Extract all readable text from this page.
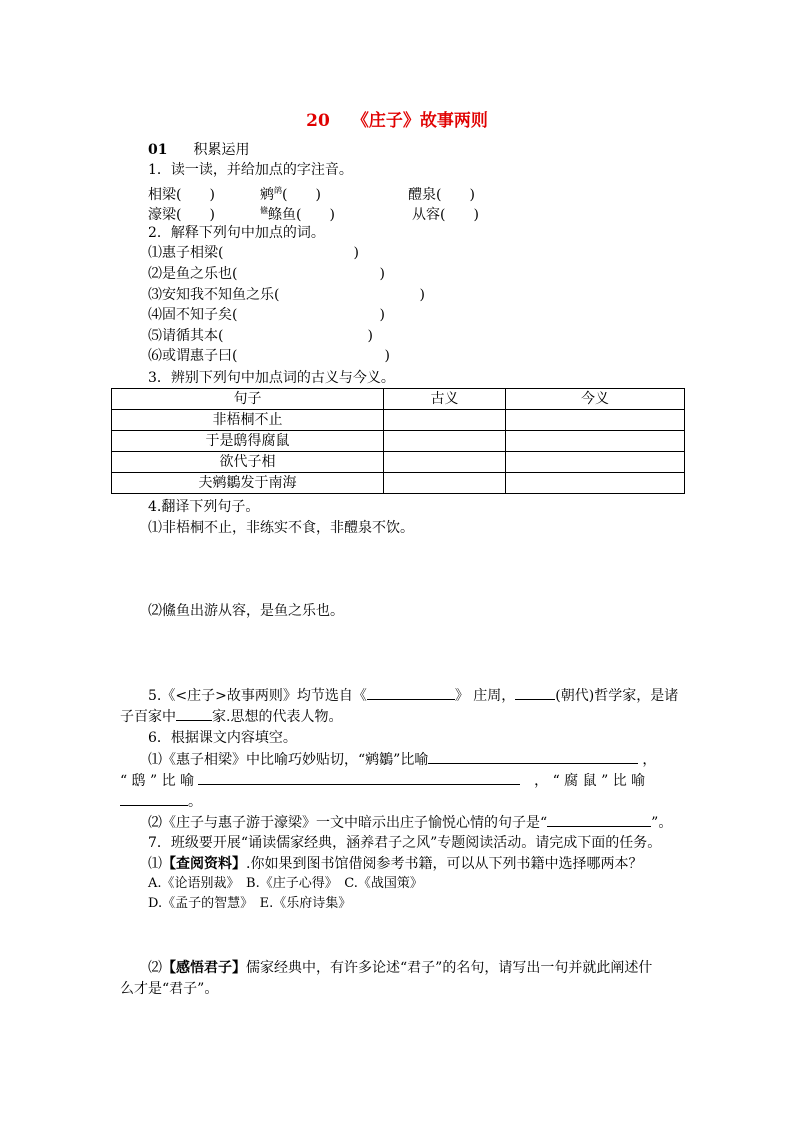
20 《庄子》故事两则
01 积累运用
1．读一读，并给加点的字注音。
相梁(　　)	鹓鹐(　　)	醴泉(　　)
濠梁(　　)	鯈鲦鱼(　　)	从容(　　)
2．解释下列句中加点的词。
⑴惠子相梁(	)
⑵是鱼之乐也(	)
⑶安知我不知鱼之乐(	)
⑷固不知子矣(	)
⑸请循其本(	)
⑹或谓惠子曰(	)
3．辨别下列句中加点词的古义与今义。
句子	古义	今义
非梧桐不止		
于是鸱得腐鼠		
欲代子相		
夫鹓鶵发于南海		
4.翻译下列句子。
⑴非梧桐不止，非练实不食，非醴泉不饮。
⑵鯈鱼出游从容，是鱼之乐也。
5.《<庄子>故事两则》均节选自《	》 庄周，	(朝代)哲学家，是诸
子百家中	家.思想的代表人物。
6．根据课文内容填空。
⑴《惠子相梁》中比喻巧妙贴切，“鹓鶵”比喻	，
“ 鸱 ” 比 喻	， “ 腐 鼠 ” 比 喻
。
⑵《庄子与惠子游于濠梁》一文中暗示出庄子愉悦心情的句子是“	”。
7．班级要开展“诵读儒家经典，涵养君子之风”专题阅读活动。请完成下面的任务。
⑴【查阅资料】.你如果到图书馆借阅参考书籍，可以从下列书籍中选择哪两本？
A.《论语别裁》　B.《庄子心得》　C.《战国策》
D.《孟子的智慧》　E.《乐府诗集》
⑵【感悟君子】儒家经典中，有许多论述“君子”的名句，请写出一句并就此阐述什
么才是“君子”。
